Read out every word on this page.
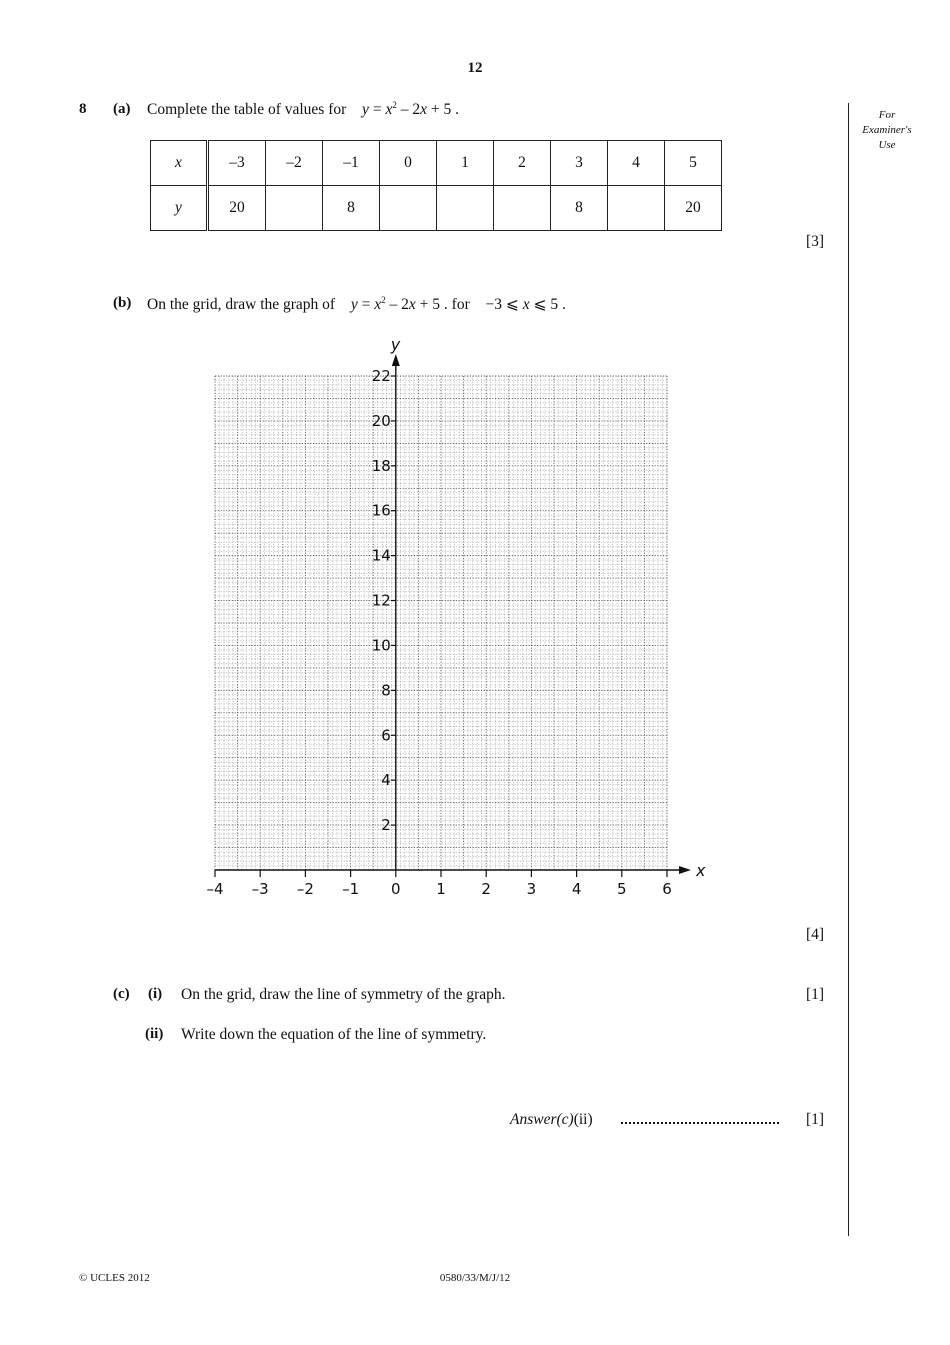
12
8 (a) Complete the table of values for $y = x^2 - 2x + 5$ .
x	–3	–2	–1	0	1	2	3	4	5
y	20		8				8		20
[3]
(b) On the grid, draw the graph of $y = x^2 - 2x + 5$ . for −3 ⩽ x ⩽ 5 .
x
y
–4 –3 –2 –1 0 1 2 3 4 5 6
2
4
6
8
10
12
14
16
18
20
22
[4]
(c) (i) On the grid, draw the line of symmetry of the graph.	[1]
(ii) Write down the equation of the line of symmetry.
Answer(c)(ii)	[1]
For
Examiner's
Use
© UCLES 2012	0580/33/M/J/12
